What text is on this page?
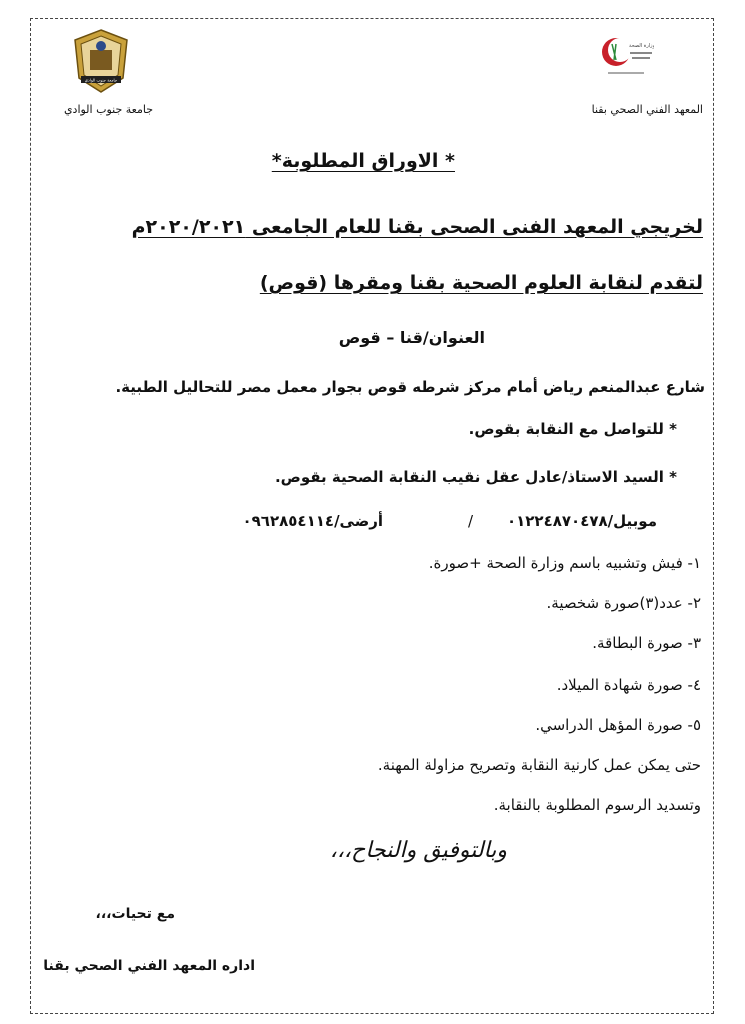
جامعة جنوب الوادي
جامعة جنوب الوادي
وزارة الصحة
المعهد الفني الصحي بقنا
* الاوراق المطلوبة*
لخريجي المعهد الفنى الصحى بقنا للعام الجامعى ٢٠٢٠/٢٠٢١م
لتقدم لنقابة العلوم الصحية بقنا ومقرها (قوص)
العنوان/قنا – قوص
شارع عبدالمنعم رياض أمام مركز شرطه قوص بجوار معمل مصر للتحاليل الطبية.
* للتواصل مع النقابة بقوص.
* السيد الاستاذ/عادل عقل نقيب النقابة الصحية بقوص.
موبيل/٠١٢٢٤٨٧٠٤٧٨
/
أرضى/٠٩٦٢٨٥٤١١٤
١- فيش وتشبيه باسم وزارة الصحة +صورة.
٢- عدد(٣)صورة شخصية.
٣- صورة البطاقة.
٤- صورة شهادة الميلاد.
٥- صورة المؤهل الدراسي.
حتى يمكن عمل كارنية النقابة وتصريح مزاولة المهنة.
وتسديد الرسوم المطلوبة بالنقابة.
وبالتوفيق والنجاح،،،
مع تحيات،،،
اداره المعهد الفني الصحي بقنا
